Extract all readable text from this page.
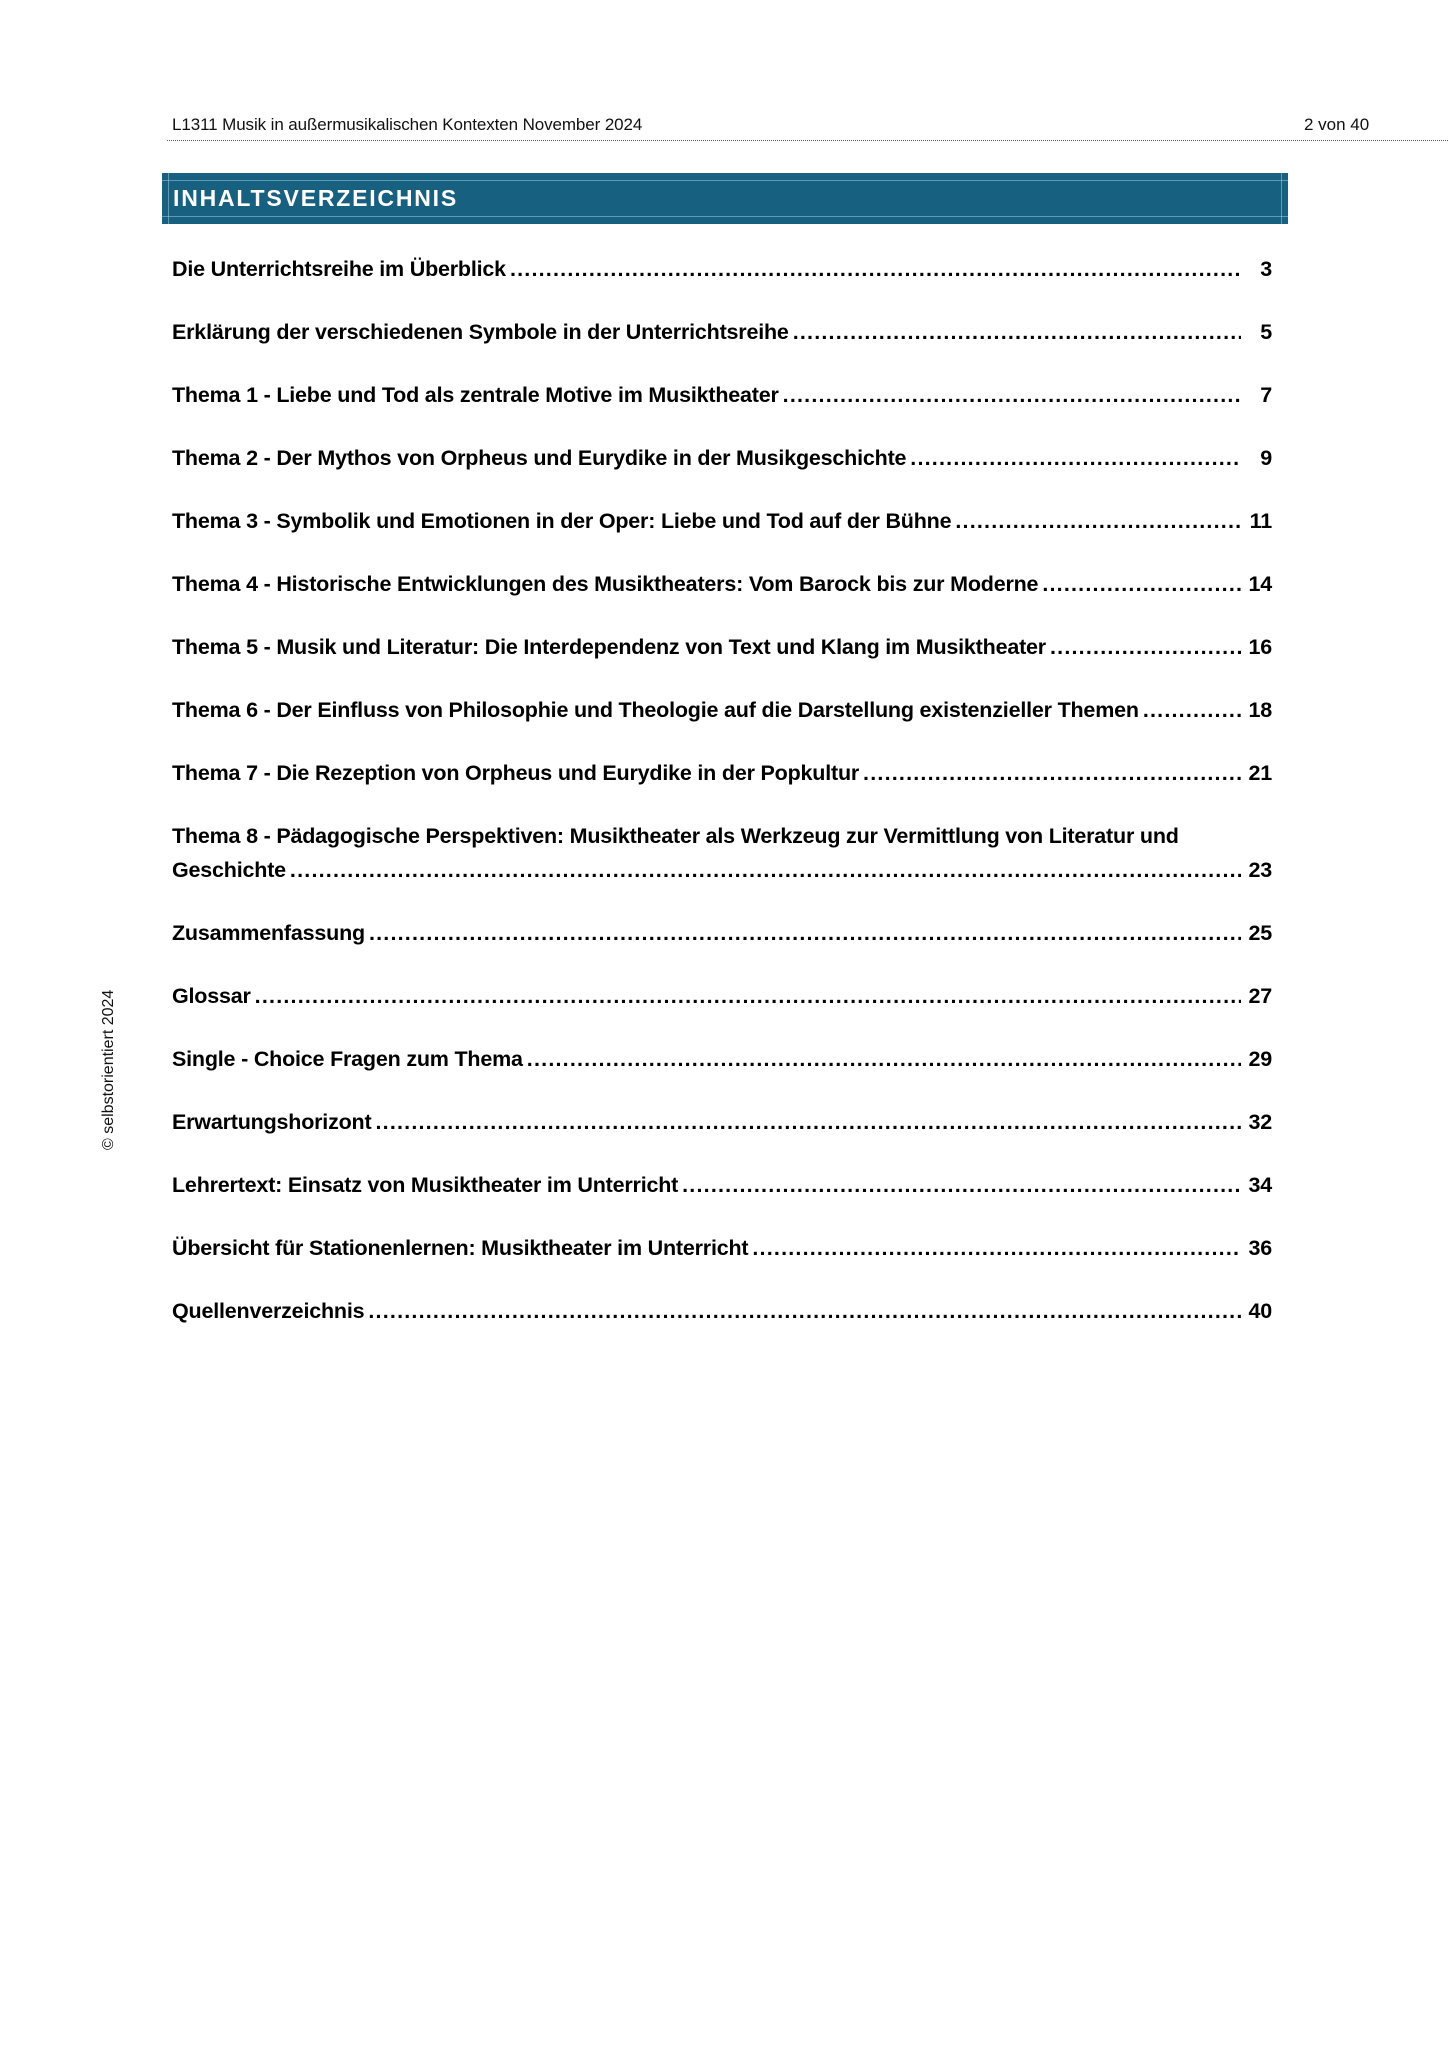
L1311 Musik in außermusikalischen Kontexten November 2024	2 von 40
INHALTSVERZEICHNIS
Die Unterrichtsreihe im Überblick .....	3
Erklärung der verschiedenen Symbole in der Unterrichtsreihe .....	5
Thema 1 - Liebe und Tod als zentrale Motive im Musiktheater .....	7
Thema 2 - Der Mythos von Orpheus und Eurydike in der Musikgeschichte .....	9
Thema 3 - Symbolik und Emotionen in der Oper: Liebe und Tod auf der Bühne .....	11
Thema 4 - Historische Entwicklungen des Musiktheaters: Vom Barock bis zur Moderne .....	14
Thema 5 - Musik und Literatur: Die Interdependenz von Text und Klang im Musiktheater .....	16
Thema 6 - Der Einfluss von Philosophie und Theologie auf die Darstellung existenzieller Themen .....	18
Thema 7 - Die Rezeption von Orpheus und Eurydike in der Popkultur .....	21
Thema 8 - Pädagogische Perspektiven: Musiktheater als Werkzeug zur Vermittlung von Literatur und
Geschichte .....	23
Zusammenfassung .....	25
Glossar .....	27
Single - Choice Fragen zum Thema .....	29
Erwartungshorizont .....	32
Lehrertext: Einsatz von Musiktheater im Unterricht .....	34
Übersicht für Stationenlernen: Musiktheater im Unterricht .....	36
Quellenverzeichnis .....	40
© selbstorientiert 2024
